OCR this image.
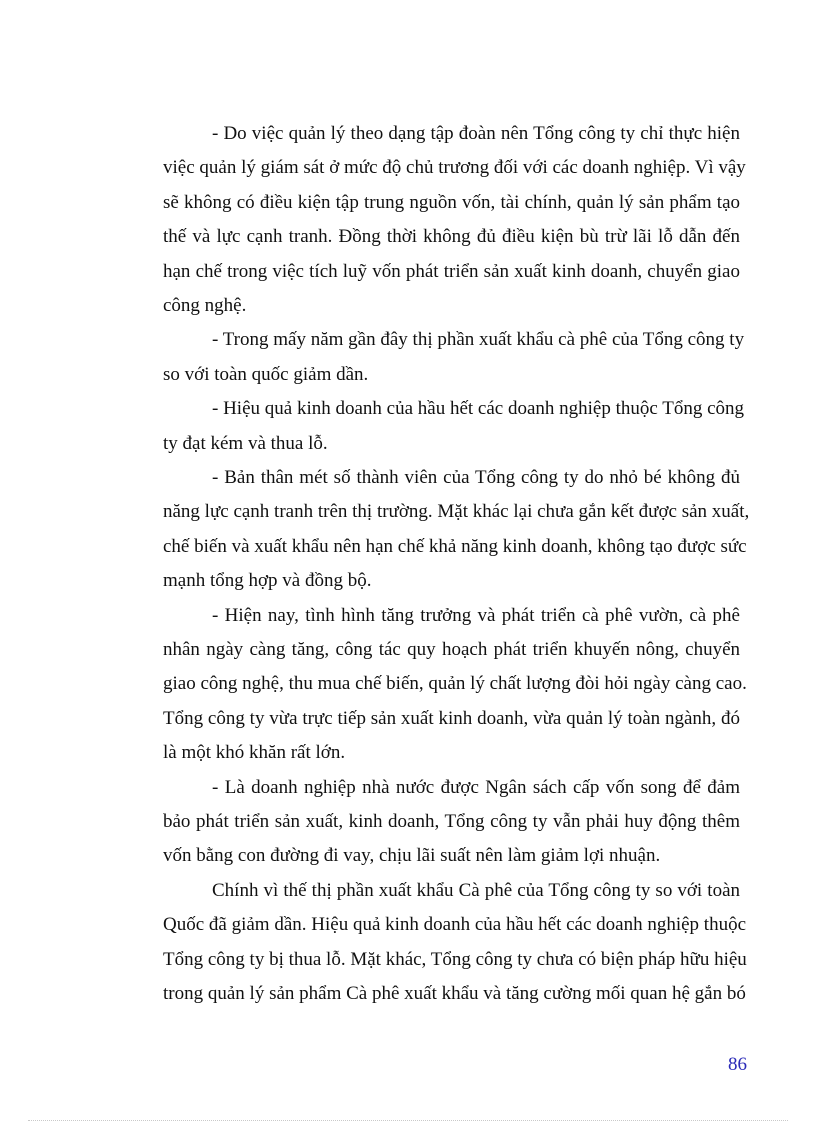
- Do việc quản lý theo dạng tập đoàn nên Tổng công ty chỉ thực hiện
việc quản lý giám sát ở mức độ chủ trương đối với các doanh nghiệp. Vì vậy
sẽ không có điều kiện tập trung nguồn vốn, tài chính, quản lý sản phẩm tạo
thế và lực cạnh tranh. Đồng thời không đủ điều kiện bù trừ lãi lỗ dẫn đến
hạn chế trong việc tích luỹ vốn phát triển sản xuất kinh doanh, chuyển giao
công nghệ.
- Trong mấy năm gần đây thị phần xuất khẩu cà phê của Tổng công ty
so với toàn quốc giảm dần.
- Hiệu quả kinh doanh của hầu hết các doanh nghiệp thuộc Tổng công
ty đạt kém và thua lỗ.
- Bản thân mét số thành viên của Tổng công ty do nhỏ bé không đủ
năng lực cạnh tranh trên thị trường. Mặt khác lại chưa gắn kết được sản xuất,
chế biến và xuất khẩu nên hạn chế khả năng kinh doanh, không tạo được sức
mạnh tổng hợp và đồng bộ.
- Hiện nay, tình hình tăng trưởng và phát triển cà phê vườn, cà phê
nhân ngày càng tăng, công tác quy hoạch phát triển khuyến nông, chuyển
giao công nghệ, thu mua chế biến, quản lý chất lượng đòi hỏi ngày càng cao.
Tổng công ty vừa trực tiếp sản xuất kinh doanh, vừa quản lý toàn ngành, đó
là một khó khăn rất lớn.
- Là doanh nghiệp nhà nước được Ngân sách cấp vốn song để đảm
bảo phát triển sản xuất, kinh doanh, Tổng công ty vẫn phải huy động thêm
vốn bằng con đường đi vay, chịu lãi suất nên làm giảm lợi nhuận.
Chính vì thế thị phần xuất khẩu Cà phê của Tổng công ty so với toàn
Quốc đã giảm dần. Hiệu quả kinh doanh của hầu hết các doanh nghiệp thuộc
Tổng công ty bị thua lỗ. Mặt khác, Tổng công ty chưa có biện pháp hữu hiệu
trong quản lý sản phẩm Cà phê xuất khẩu và tăng cường mối quan hệ gắn bó
86
